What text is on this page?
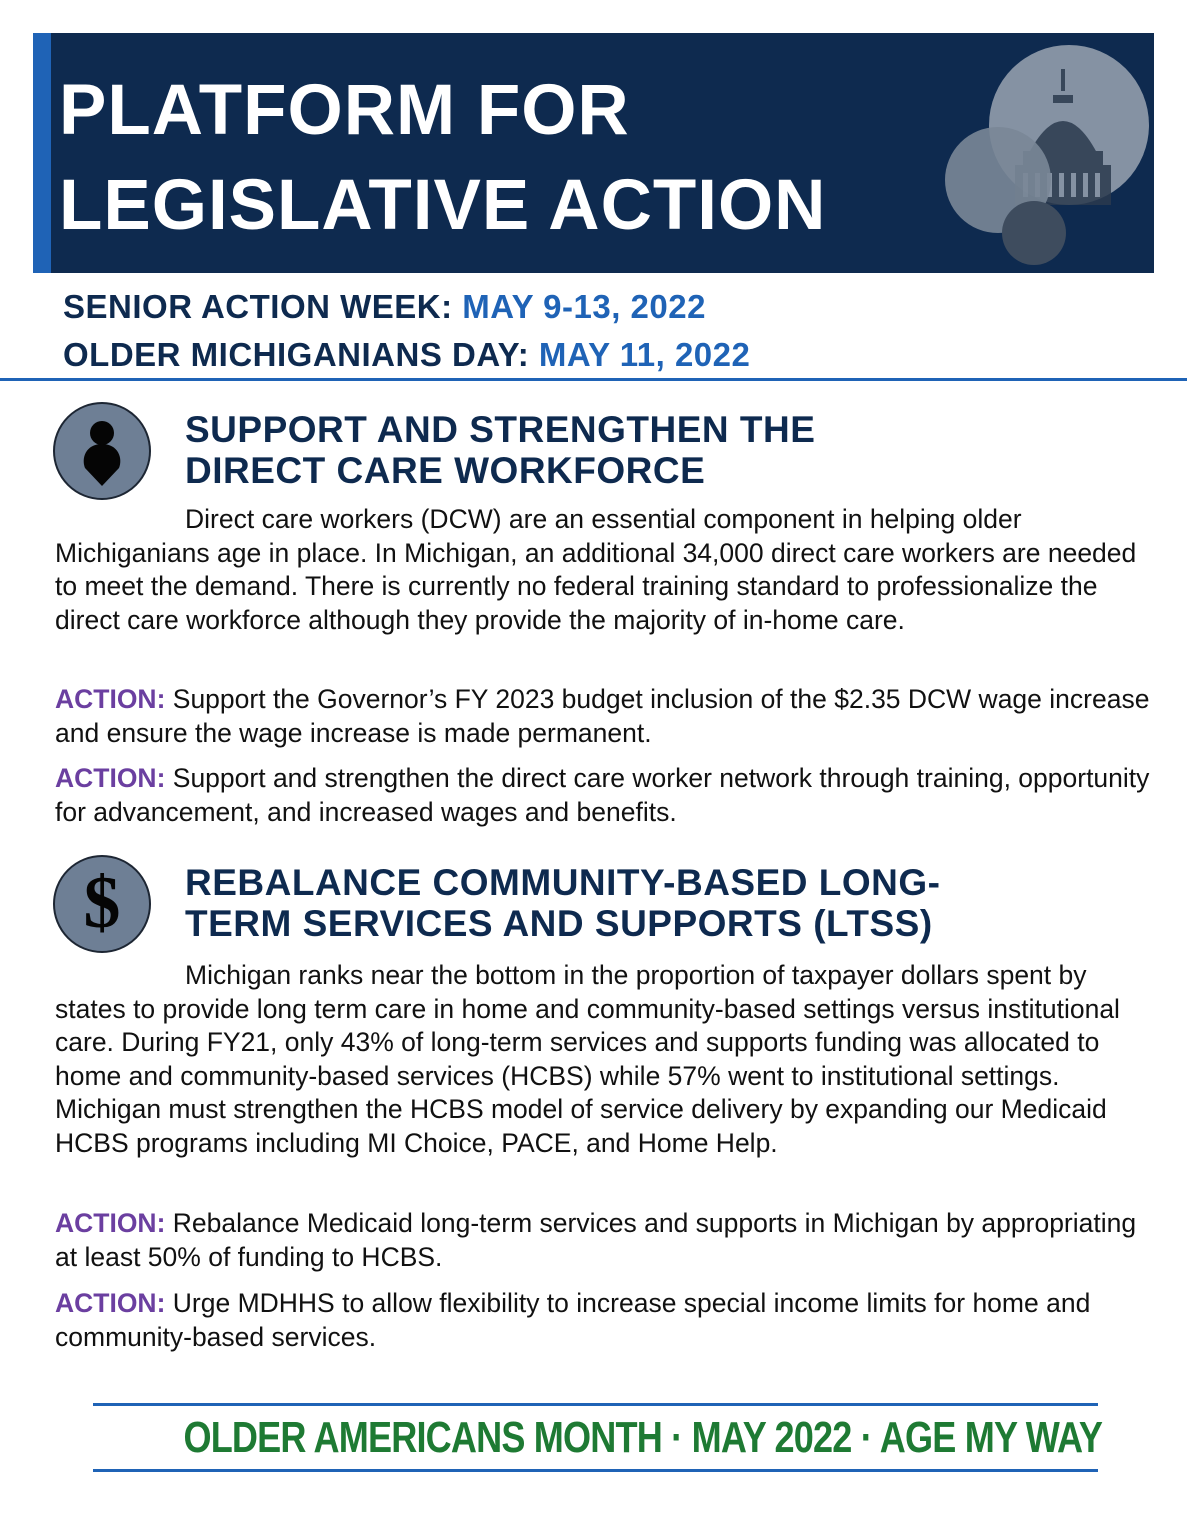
PLATFORM FOR
LEGISLATIVE ACTION
SENIOR ACTION WEEK: MAY 9-13, 2022
OLDER MICHIGANIANS DAY: MAY 11, 2022
SUPPORT AND STRENGTHEN THE
DIRECT CARE WORKFORCE

Direct care workers (DCW) are an essential component in helping older Michiganians age in place. In Michigan, an additional 34,000 direct care workers are needed to meet the demand. There is currently no federal training standard to professionalize the direct care workforce although they provide the majority of in-home care.

ACTION: Support the Governor’s FY 2023 budget inclusion of the $2.35 DCW wage increase and ensure the wage increase is made permanent.

ACTION: Support and strengthen the direct care worker network through training, opportunity for advancement, and increased wages and benefits.

$	REBALANCE COMMUNITY-BASED LONG-
TERM SERVICES AND SUPPORTS (LTSS)

Michigan ranks near the bottom in the proportion of taxpayer dollars spent by states to provide long term care in home and community-based settings versus institutional care. During FY21, only 43% of long-term services and supports funding was allocated to home and community-based services (HCBS) while 57% went to institutional settings. Michigan must strengthen the HCBS model of service delivery by expanding our Medicaid HCBS programs including MI Choice, PACE, and Home Help.

ACTION: Rebalance Medicaid long-term services and supports in Michigan by appropriating at least 50% of funding to HCBS.

ACTION: Urge MDHHS to allow flexibility to increase special income limits for home and community-based services.

OLDER AMERICANS MONTH · MAY 2022 · AGE MY WAY
